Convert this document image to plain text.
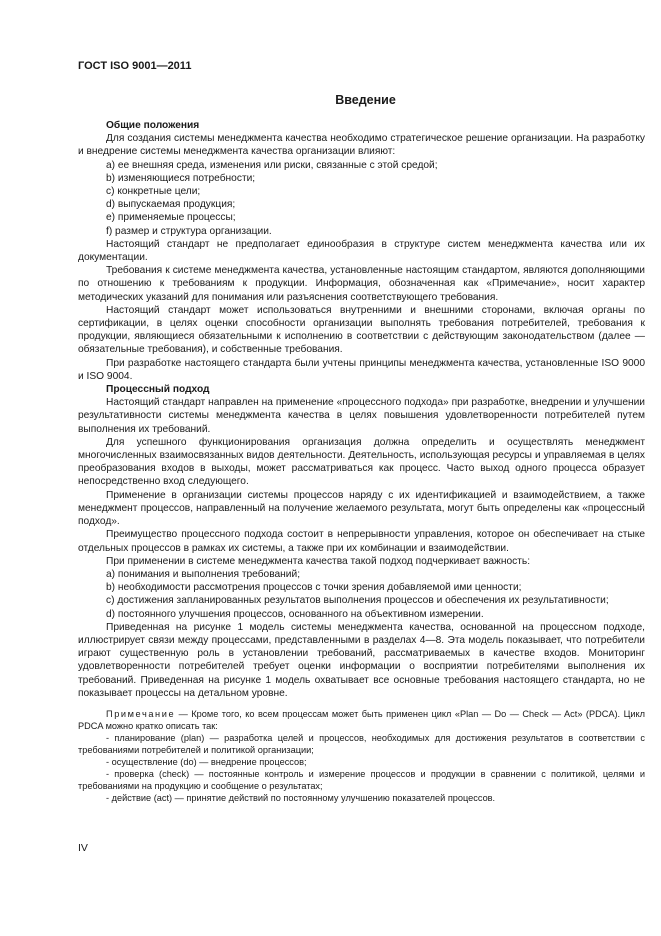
ГОСТ ISO 9001—2011
Введение

Общие положения

Для создания системы менеджмента качества необходимо стратегическое решение организации. На разработку и внедрение системы менеджмента качества организации влияют:

а) ее внешняя среда, изменения или риски, связанные с этой средой;

b) изменяющиеся потребности;

с) конкретные цели;

d) выпускаемая продукция;

е) применяемые процессы;

f) размер и структура организации.

Настоящий стандарт не предполагает единообразия в структуре систем менеджмента качества или их документации.

Требования к системе менеджмента качества, установленные настоящим стандартом, являются дополняющими по отношению к требованиям к продукции. Информация, обозначенная как «Примечание», носит характер методических указаний для понимания или разъяснения соответствующего требования.

Настоящий стандарт может использоваться внутренними и внешними сторонами, включая органы по сертификации, в целях оценки способности организации выполнять требования потребителей, требования к продукции, являющиеся обязательными к исполнению в соответствии с действующим законодательством (далее — обязательные требования), и собственные требования.

При разработке настоящего стандарта были учтены принципы менеджмента качества, установленные ISO 9000 и ISO 9004.

Процессный подход

Настоящий стандарт направлен на применение «процессного подхода» при разработке, внедрении и улучшении результативности системы менеджмента качества в целях повышения удовлетворенности потребителей путем выполнения их требований.

Для успешного функционирования организация должна определить и осуществлять менеджмент многочисленных взаимосвязанных видов деятельности. Деятельность, использующая ресурсы и управляемая в целях преобразования входов в выходы, может рассматриваться как процесс. Часто выход одного процесса образует непосредственно вход следующего.

Применение в организации системы процессов наряду с их идентификацией и взаимодействием, а также менеджмент процессов, направленный на получение желаемого результата, могут быть определены как «процессный подход».

Преимущество процессного подхода состоит в непрерывности управления, которое он обеспечивает на стыке отдельных процессов в рамках их системы, а также при их комбинации и взаимодействии.

При применении в системе менеджмента качества такой подход подчеркивает важность:

а) понимания и выполнения требований;

b) необходимости рассмотрения процессов с точки зрения добавляемой ими ценности;

с) достижения запланированных результатов выполнения процессов и обеспечения их результативности;

d) постоянного улучшения процессов, основанного на объективном измерении.

Приведенная на рисунке 1 модель системы менеджмента качества, основанной на процессном подходе, иллюстрирует связи между процессами, представленными в разделах 4—8. Эта модель показывает, что потребители играют существенную роль в установлении требований, рассматриваемых в качестве входов. Мониторинг удовлетворенности потребителей требует оценки информации о восприятии потребителями выполнения их требований. Приведенная на рисунке 1 модель охватывает все основные требования настоящего стандарта, но не показывает процессы на детальном уровне.

Примечание — Кроме того, ко всем процессам может быть применен цикл «Plan — Do — Check — Act» (PDCA). Цикл PDCA можно кратко описать так:

- планирование (plan) — разработка целей и процессов, необходимых для достижения результатов в соответствии с требованиями потребителей и политикой организации;

- осуществление (do) — внедрение процессов;

- проверка (check) — постоянные контроль и измерение процессов и продукции в сравнении с политикой, целями и требованиями на продукцию и сообщение о результатах;

- действие (act) — принятие действий по постоянному улучшению показателей процессов.

IV
